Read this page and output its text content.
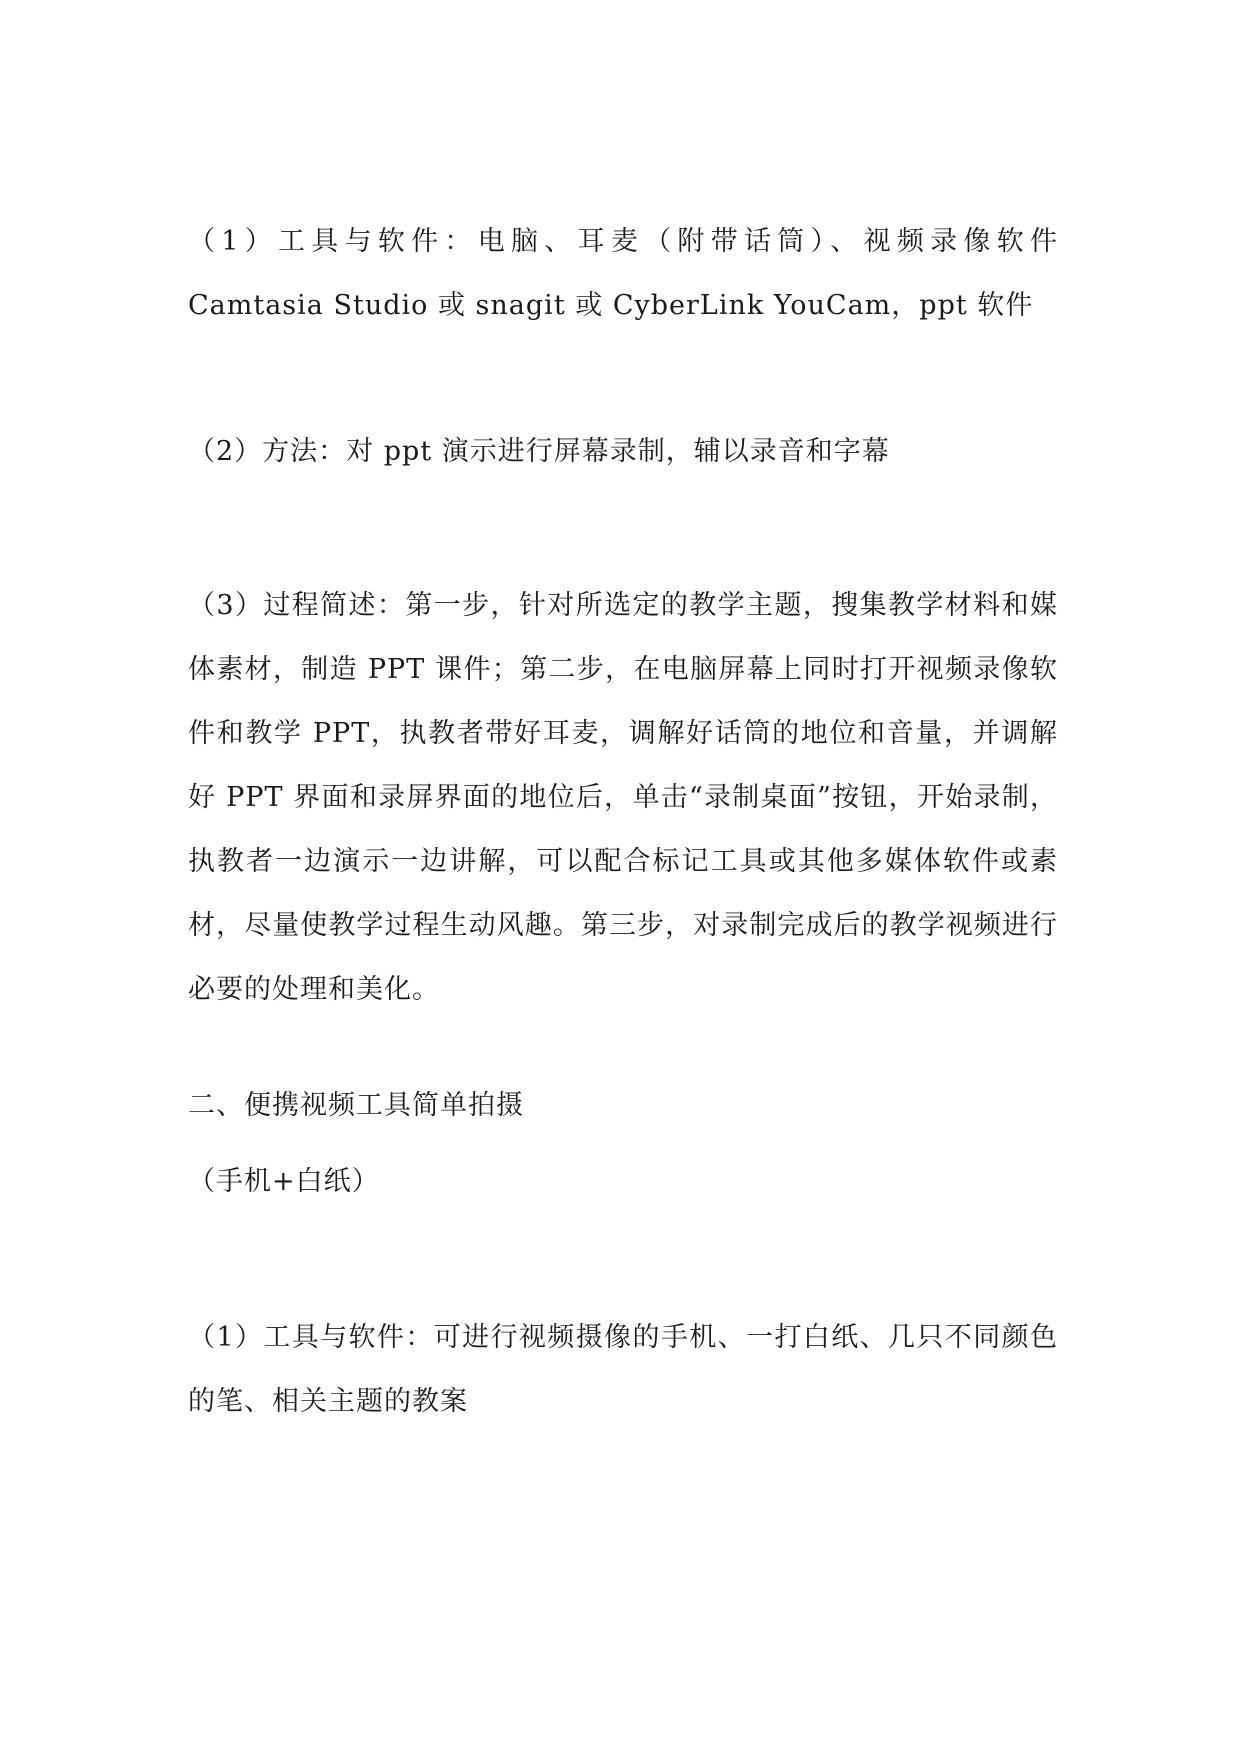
（1）工具与软件：电脑、耳麦（附带话筒）、视频录像软件 Camtasia Studio 或 snagit 或 CyberLink YouCam，ppt 软件

（2）方法：对 ppt 演示进行屏幕录制，辅以录音和字幕

（3）过程简述：第一步，针对所选定的教学主题，搜集教学材料和媒体素材，制造 PPT 课件；第二步，在电脑屏幕上同时打开视频录像软件和教学 PPT，执教者带好耳麦，调解好话筒的地位和音量，并调解好 PPT 界面和录屏界面的地位后，单击“录制桌面”按钮，开始录制，执教者一边演示一边讲解，可以配合标记工具或其他多媒体软件或素材，尽量使教学过程生动风趣。第三步，对录制完成后的教学视频进行必要的处理和美化。

二、便携视频工具简单拍摄

（手机+白纸）

（1）工具与软件：可进行视频摄像的手机、一打白纸、几只不同颜色的笔、相关主题的教案
